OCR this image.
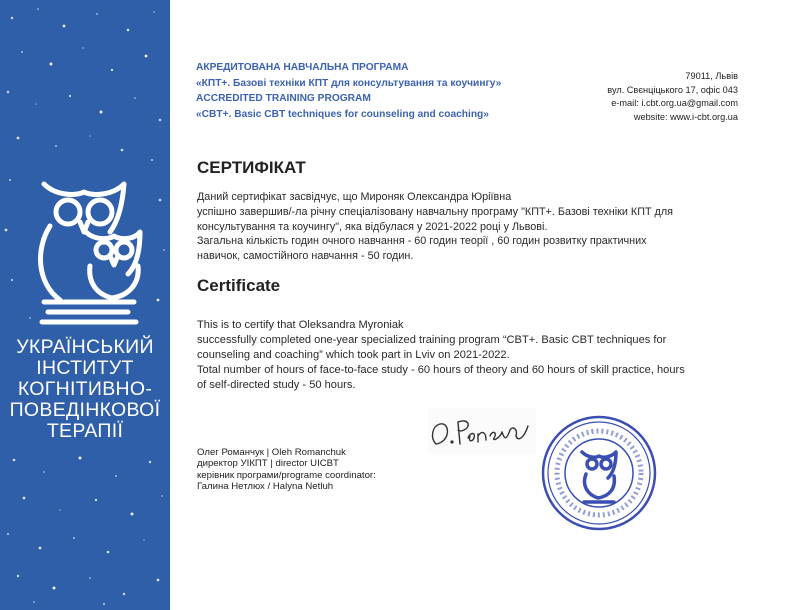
УКРАЇНСЬКИЙ
ІНСТИТУТ
КОГНІТИВНО-
ПОВЕДІНКОВОЇ
ТЕРАПІЇ
АКРЕДИТОВАНА НАВЧАЛЬНА ПРОГРАМА
«КПТ+. Базові техніки КПТ для консультування та коучингу»
ACCREDITED TRAINING PROGRAM
«CBT+. Basic CBT techniques for counseling and coaching»
79011, Львів
вул. Свєнціцького 17, офіс 043
e-mail: i.cbt.org.ua@gmail.com
website: www.i-cbt.org.ua
СЕРТИФІКАТ
Даний сертифікат засвідчує, що Мироняк Олександра Юріївна
успішно завершив/-ла річну спеціалізовану навчальну програму "КПТ+. Базові техніки КПТ для
консультування та коучингу", яка відбулася у 2021-2022 році у Львові.
Загальна кількість годин очного навчання - 60 годин теорії , 60 годин розвитку практичних
навичок, самостійного навчання - 50 годин.
Certificate
This is to certify that Oleksandra Myroniak
successfully completed one-year specialized training program “CBT+. Basic CBT techniques for
counseling and coaching” which took part in Lviv on 2021-2022.
Total number of hours of face-to-face study - 60 hours of theory and 60 hours of skill practice, hours
of self-directed study - 50 hours.
Олег Романчук | Oleh Romanchuk
директор УІКПТ | director UICBT
керівник програми/programe coordinator:
Галина Нетлюх / Halyna Netluh
